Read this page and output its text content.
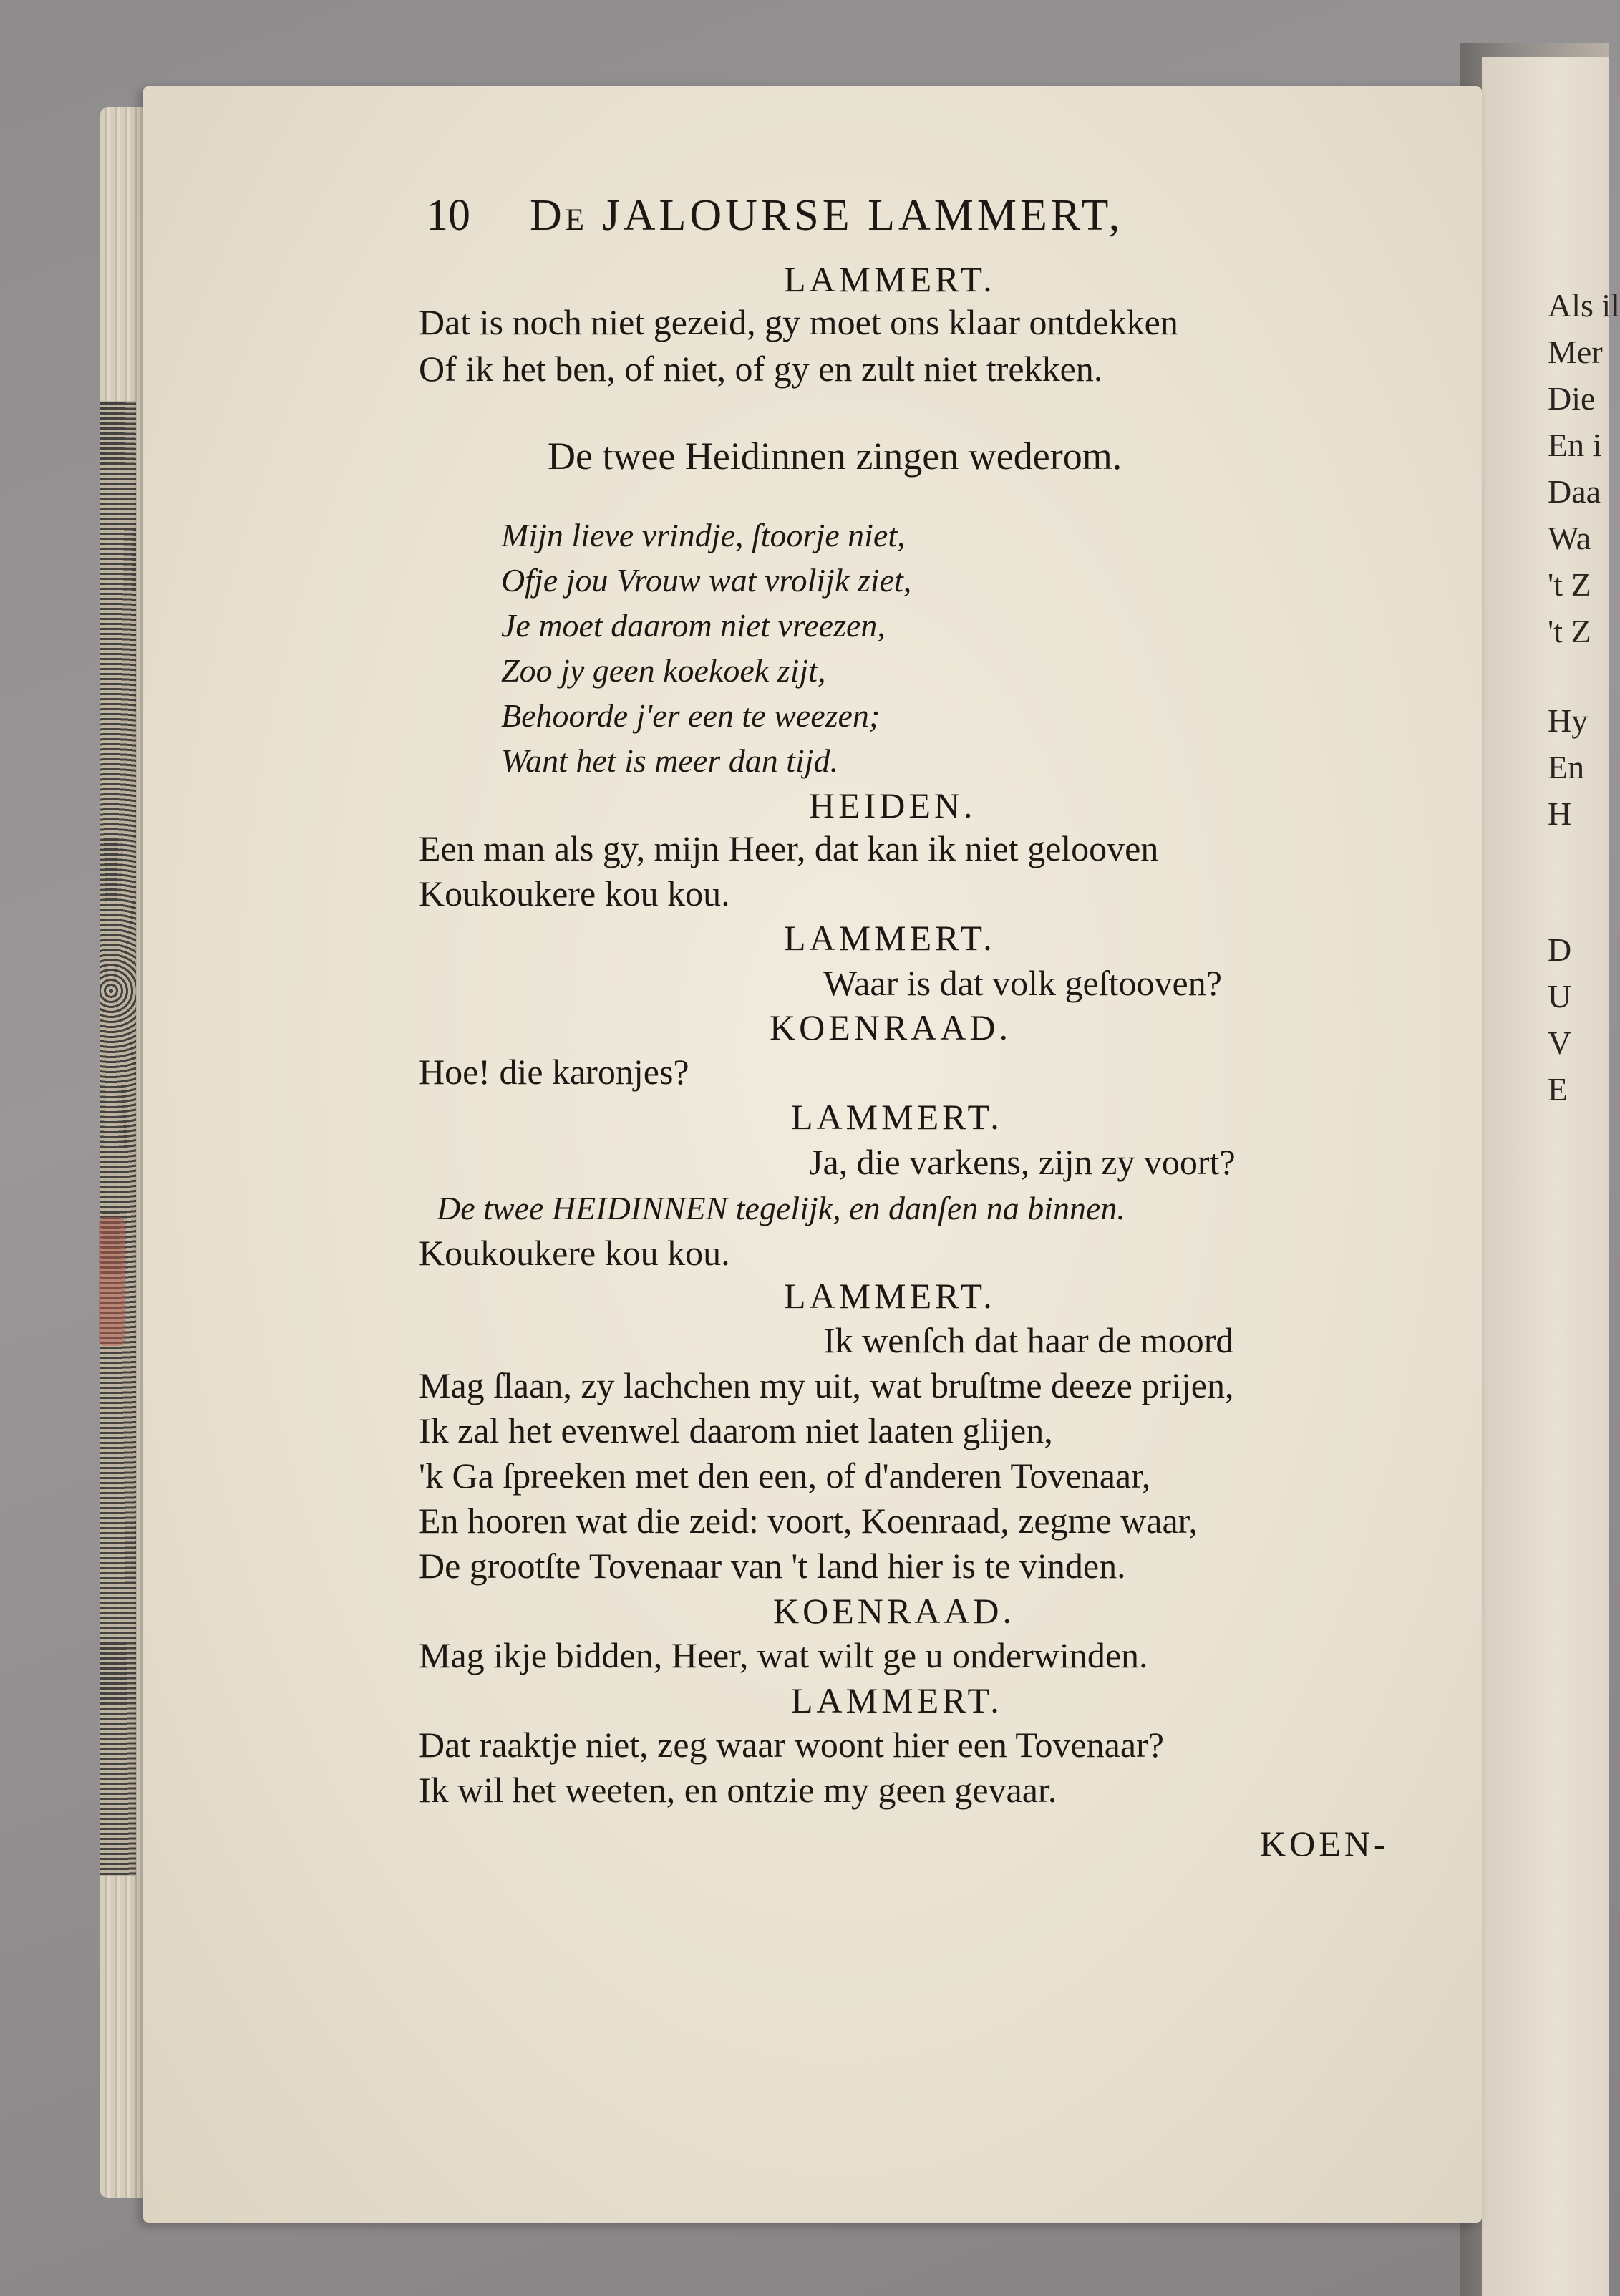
Als il
Mer
Die
En i
Daa
Wa
't Z
't Z
Hy
En
H
D
U
V
E
10 De JALOURSE LAMMERT,
LAMMERT.
Dat is noch niet gezeid, gy moet ons klaar ontdekken
Of ik het ben, of niet, of gy en zult niet trekken.
De twee Heidinnen zingen wederom.
Mijn lieve vrindje, ſtoorje niet,
Ofje jou Vrouw wat vrolijk ziet,
Je moet daarom niet vreezen,
Zoo jy geen koekoek zijt,
Behoorde j'er een te weezen;
Want het is meer dan tijd.
HEIDEN.
Een man als gy, mijn Heer, dat kan ik niet gelooven
Koukoukere kou kou.
LAMMERT.
Waar is dat volk geſtooven?
KOENRAAD.
Hoe! die karonjes?
LAMMERT.
Ja, die varkens, zijn zy voort?
De twee HEIDINNEN tegelijk, en danſen na binnen.
Koukoukere kou kou.
LAMMERT.
Ik wenſch dat haar de moord
Mag ſlaan, zy lachchen my uit, wat bruſtme deeze prijen,
Ik zal het evenwel daarom niet laaten glijen,
'k Ga ſpreeken met den een, of d'anderen Tovenaar,
En hooren wat die zeid: voort, Koenraad, zegme waar,
De grootſte Tovenaar van 't land hier is te vinden.
KOENRAAD.
Mag ikje bidden, Heer, wat wilt ge u onderwinden.
LAMMERT.
Dat raaktje niet, zeg waar woont hier een Tovenaar?
Ik wil het weeten, en ontzie my geen gevaar.
KOEN-
